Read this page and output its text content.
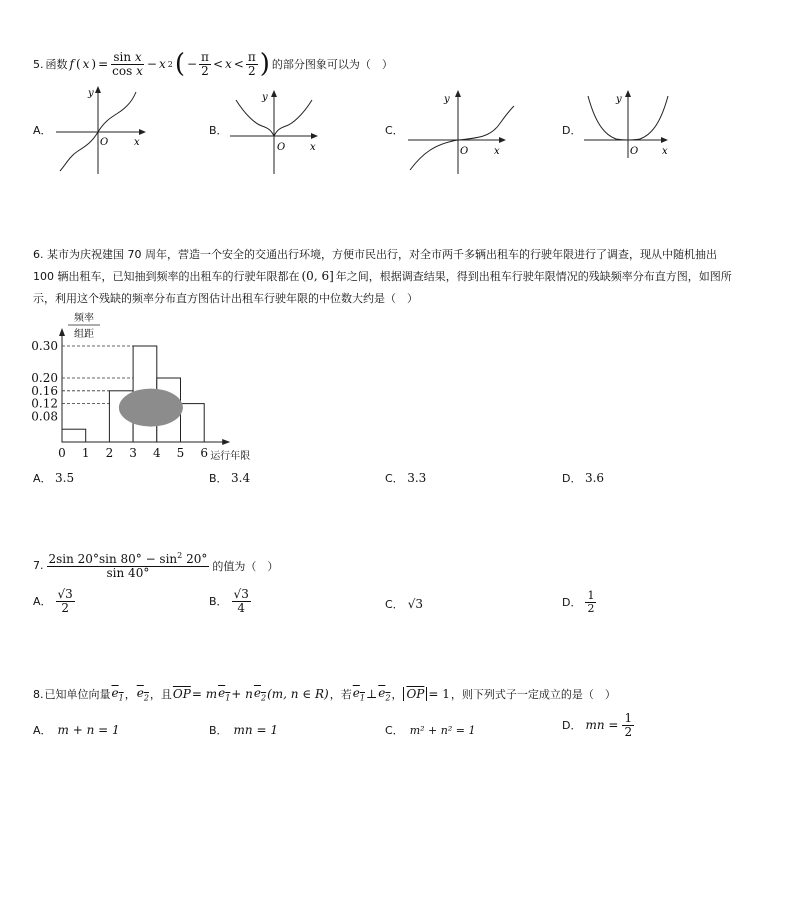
5. 函数 f ( x ) = $\frac{\text{sin x}}{\text{cos x}} - x$ 2 ( − $\frac{\pi}{2} < x < \frac{\pi}{2}$ ) 的部分图象可以为（　）
A．
x
y
O
B．
x
y
O
C．
x
y
O
D．
x
y
O
6. 某市为庆祝建国 70 周年，营造一个安全的交通出行环境，方便市民出行，对全市两千多辆出租车的行驶年限进行了调查，现从中随机抽出
100 辆出租车，已知抽到频率的出租车的行驶年限都在 (0, 6] 年之间，根据调查结果，得到出租车行驶年限情况的残缺频率分布直方图，如图所
示，利用这个残缺的频率分布直方图估计出租车行驶年限的中位数大约是（　）
0.08
0.12
0.16
0.20
0.30
0 1 2 3 4 5 6
频率
组距
运行年限
A． 3.5	B． 3.4	C． 3.3	D． 3.6
7. $\frac{2\sin 20^\circ\sin 80^\circ - \sin^2 20^\circ}{\sin 40^\circ}$ 的值为（　）
A． $\frac{√3}{2}$	B． $\frac{√3}{4}$	C． √3	D． $\frac{1}{2}$
8. 已知单位向量 $e_1$ ， $e_2$ ，且 $\overline{OP} = m$ $e_1 + n$ $e_2$ (m, n ∈ R) ，若 $e_1$ ⊥ $e_2$ ， $\overline{OP} = 1$ ，则下列式子一定成立的是（　）
A． m + n = 1	B． mn = 1	C． m² + n² = 1	D． mn = $\frac{1}{2}$
